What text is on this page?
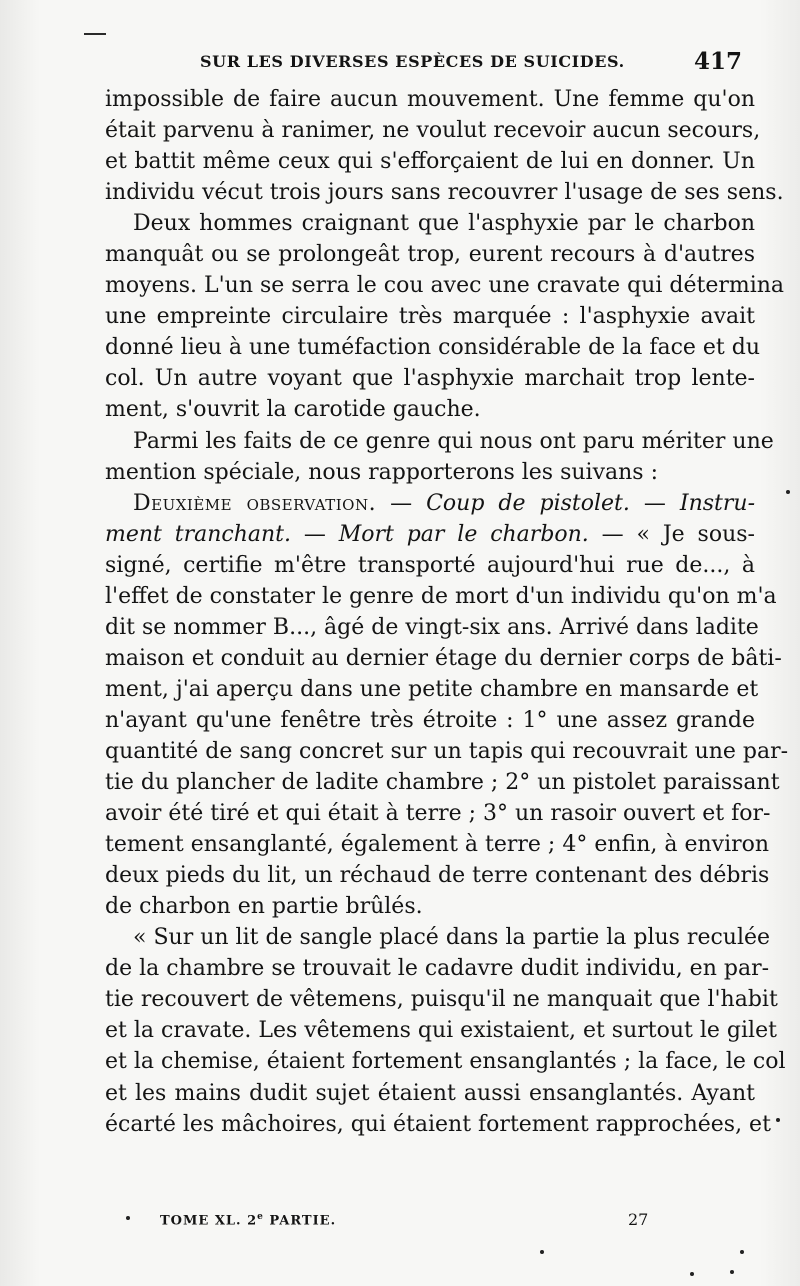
SUR LES DIVERSES ESPÈCES DE SUICIDES.	417
impossible de faire aucun mouvement. Une femme qu'on
était parvenu à ranimer, ne voulut recevoir aucun secours,
et battit même ceux qui s'efforçaient de lui en donner. Un
individu vécut trois jours sans recouvrer l'usage de ses sens.
Deux hommes craignant que l'asphyxie par le charbon
manquât ou se prolongeât trop, eurent recours à d'autres
moyens. L'un se serra le cou avec une cravate qui détermina
une empreinte circulaire très marquée : l'asphyxie avait
donné lieu à une tuméfaction considérable de la face et du
col. Un autre voyant que l'asphyxie marchait trop lente-
ment, s'ouvrit la carotide gauche.
Parmi les faits de ce genre qui nous ont paru mériter une
mention spéciale, nous rapporterons les suivans :
Deuxième observation. — Coup de pistolet. — Instru-
ment tranchant. — Mort par le charbon. — « Je sous-
signé, certifie m'être transporté aujourd'hui rue de..., à
l'effet de constater le genre de mort d'un individu qu'on m'a
dit se nommer B..., âgé de vingt-six ans. Arrivé dans ladite
maison et conduit au dernier étage du dernier corps de bâti-
ment, j'ai aperçu dans une petite chambre en mansarde et
n'ayant qu'une fenêtre très étroite : 1° une assez grande
quantité de sang concret sur un tapis qui recouvrait une par-
tie du plancher de ladite chambre ; 2° un pistolet paraissant
avoir été tiré et qui était à terre ; 3° un rasoir ouvert et for-
tement ensanglanté, également à terre ; 4° enfin, à environ
deux pieds du lit, un réchaud de terre contenant des débris
de charbon en partie brûlés.
« Sur un lit de sangle placé dans la partie la plus reculée
de la chambre se trouvait le cadavre dudit individu, en par-
tie recouvert de vêtemens, puisqu'il ne manquait que l'habit
et la cravate. Les vêtemens qui existaient, et surtout le gilet
et la chemise, étaient fortement ensanglantés ; la face, le col
et les mains dudit sujet étaient aussi ensanglantés. Ayant
écarté les mâchoires, qui étaient fortement rapprochées, et
TOME XL. 2e PARTIE.	27
